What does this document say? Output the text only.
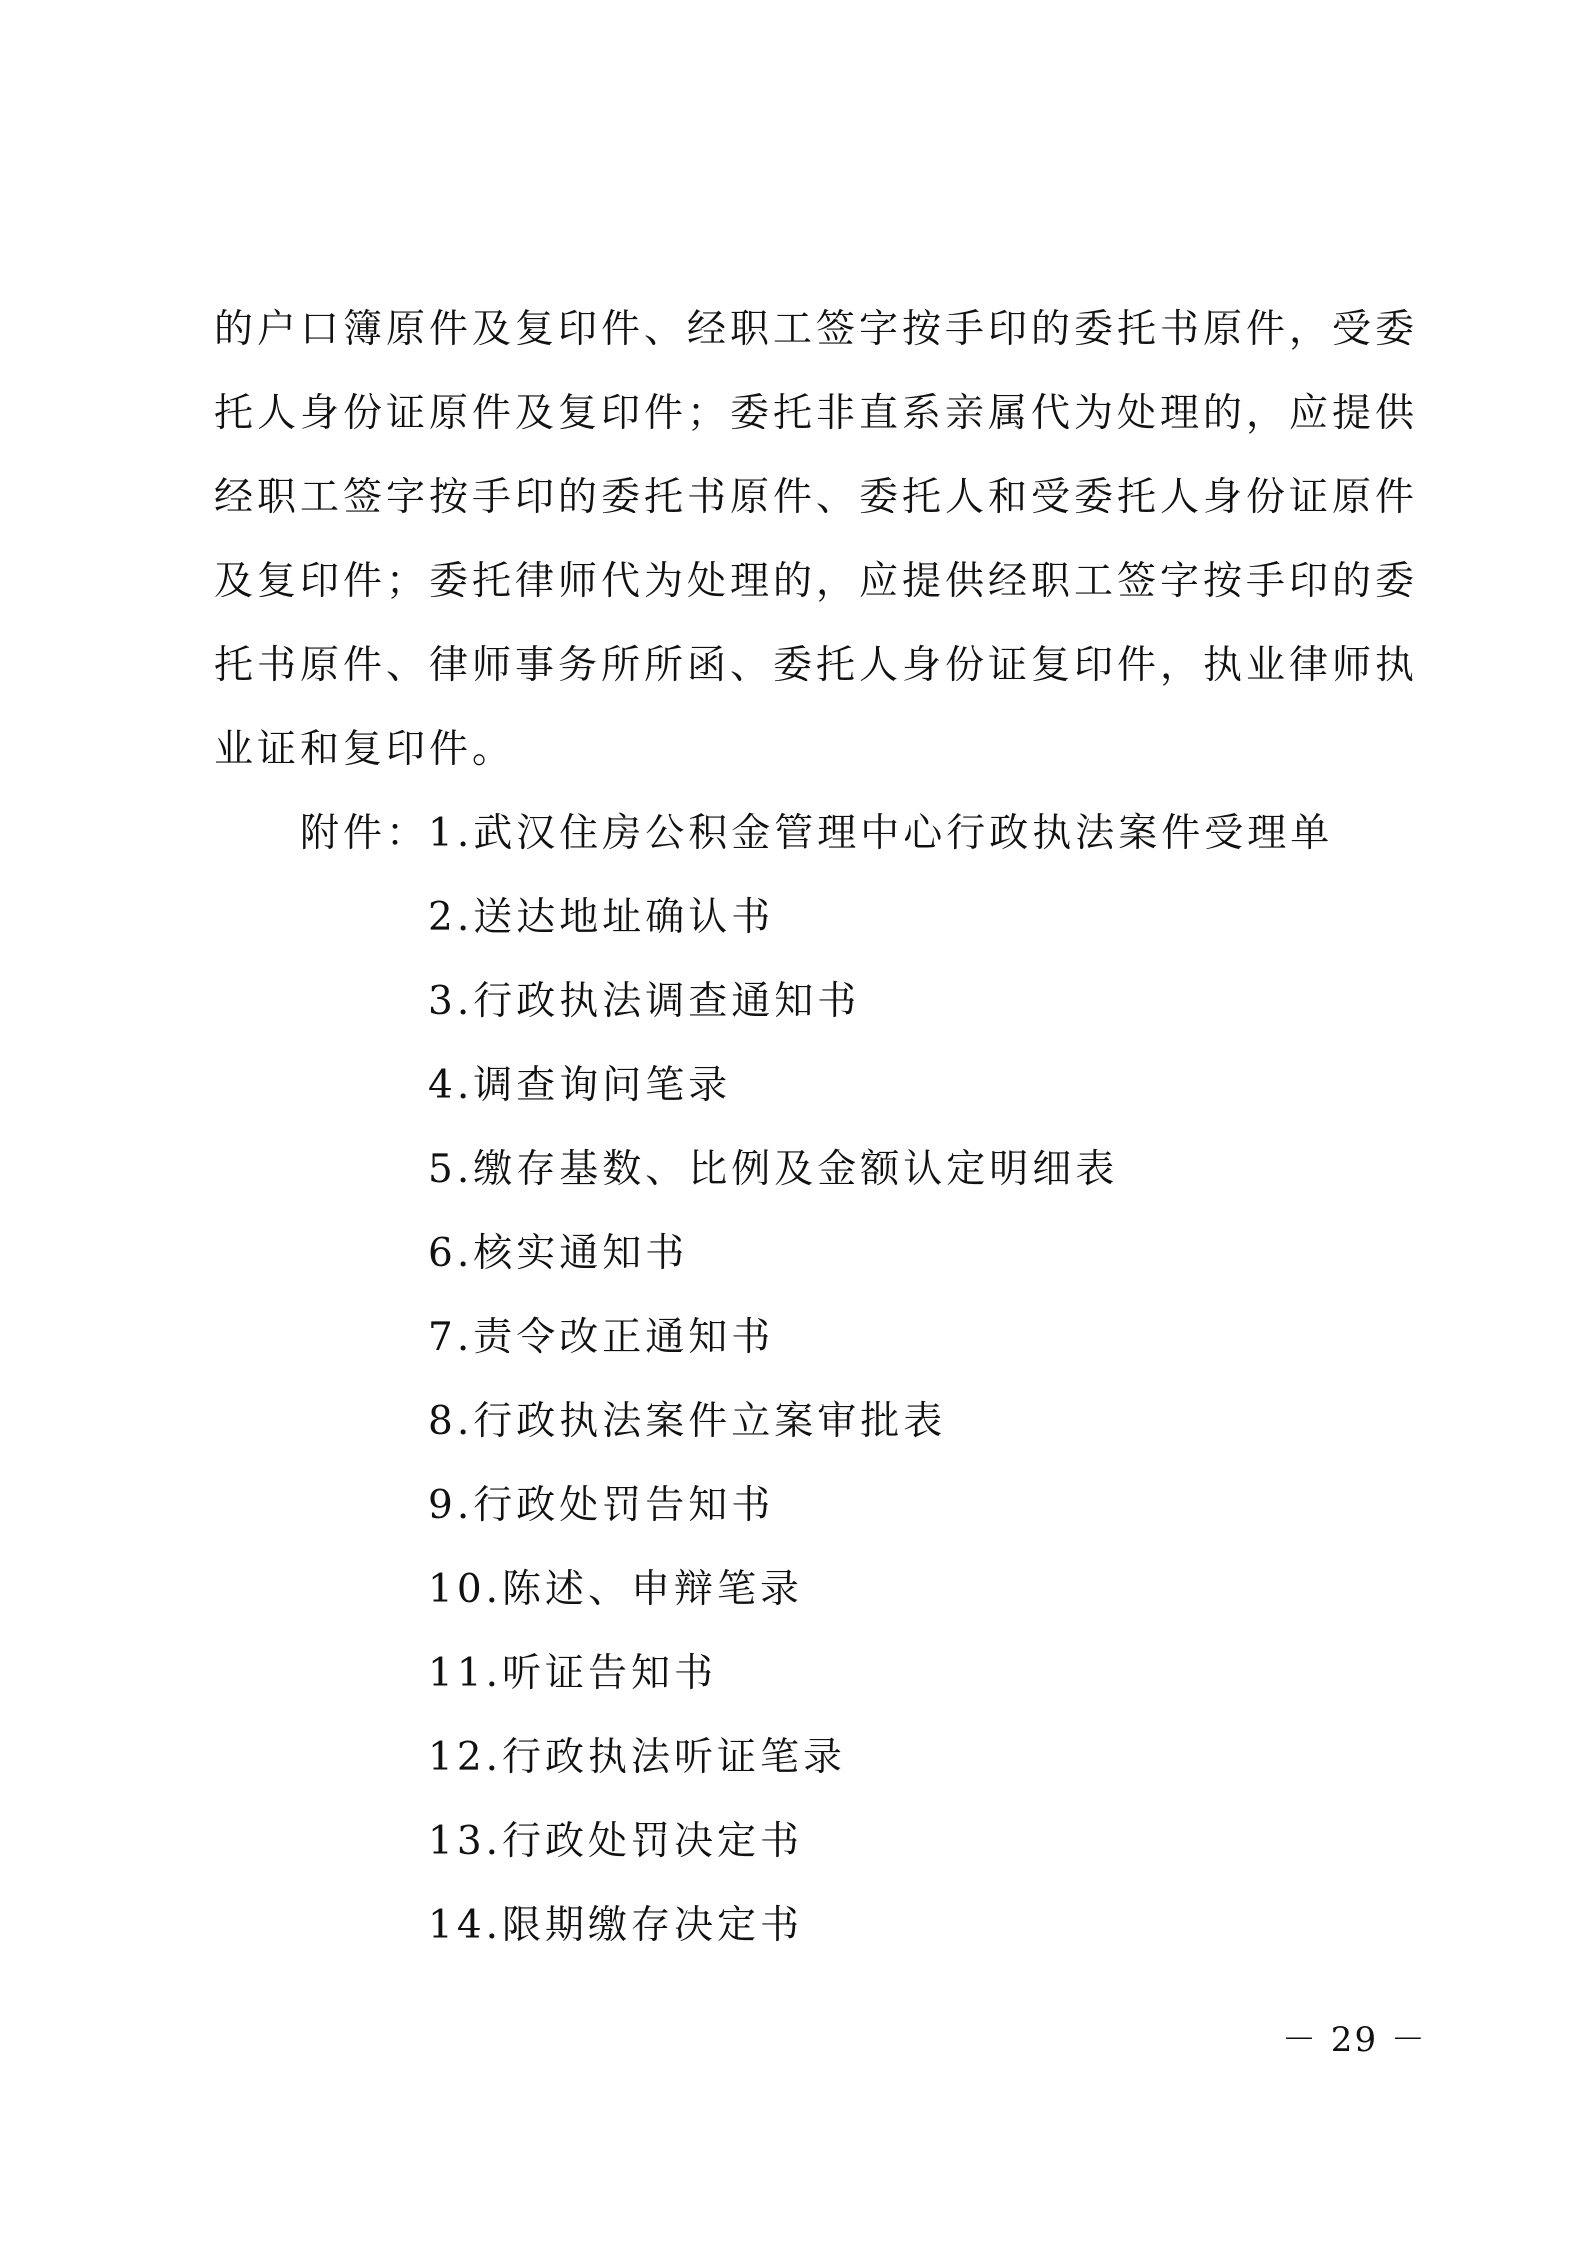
的户口簿原件及复印件、经职工签字按手印的委托书原件，受委
托人身份证原件及复印件；委托非直系亲属代为处理的，应提供
经职工签字按手印的委托书原件、委托人和受委托人身份证原件
及复印件；委托律师代为处理的，应提供经职工签字按手印的委
托书原件、律师事务所所函、委托人身份证复印件，执业律师执
业证和复印件。
附件：
1.武汉住房公积金管理中心行政执法案件受理单
2.送达地址确认书
3.行政执法调查通知书
4.调查询问笔录
5.缴存基数、比例及金额认定明细表
6.核实通知书
7.责令改正通知书
8.行政执法案件立案审批表
9.行政处罚告知书
10.陈述、申辩笔录
11.听证告知书
12.行政执法听证笔录
13.行政处罚决定书
14.限期缴存决定书
－ 29 －
